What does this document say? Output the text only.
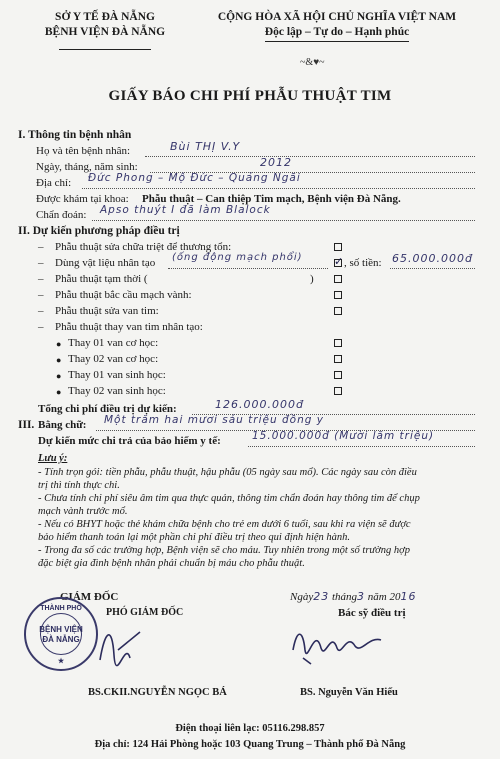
SỞ Y TẾ ĐÀ NẴNG
BỆNH VIỆN ĐÀ NẴNG
CỘNG HÒA XÃ HỘI CHỦ NGHĨA VIỆT NAM
Độc lập – Tự do – Hạnh phúc
~&♥~
GIẤY BÁO CHI PHÍ PHẪU THUẬT TIM
I. Thông tin bệnh nhân
Họ và tên bệnh nhân:	Bùi THỊ V.Y
Ngày, tháng, năm sinh:	2012
Địa chỉ: Đức Phong – Mộ Đức – Quảng Ngãi
Được khám tại khoa: Phẫu thuật – Can thiệp Tim mạch, Bệnh viện Đà Nẵng.
Chẩn đoán: Apso thuýt I đã làm Blalock
II. Dự kiến phương pháp điều trị
– Phẫu thuật sửa chữa triệt để thương tổn:
– Dùng vật liệu nhân tạo (ống động mạch phổi)
✓	, số tiền: 65.000.000đ
– Phẫu thuật tạm thời (	)
– Phẫu thuật bắc cầu mạch vành:
– Phẫu thuật sửa van tim:
– Phẫu thuật thay van tim nhân tạo:
● Thay 01 van cơ học:
● Thay 02 van cơ học:
● Thay 01 van sinh học:
● Thay 02 van sinh học:
Tổng chi phí điều trị dự kiến:	126.000.000đ
III. Bằng chữ: Một trăm hai mươi sáu triệu đồng y
Dự kiến mức chi trả của bảo hiểm y tế:	15.000.000đ (Mười lăm triệu)
Lưu ý:
- Tính trọn gói: tiền phẫu, phẫu thuật, hậu phẫu (05 ngày sau mổ). Các ngày sau còn điều
trị thì tính thực chi.
- Chưa tính chi phí siêu âm tim qua thực quản, thông tim chẩn đoán hay thông tim để chụp
mạch vành trước mổ.
- Nếu có BHYT hoặc thẻ khám chữa bệnh cho trẻ em dưới 6 tuổi, sau khi ra viện sẽ được
bảo hiểm thanh toán lại một phần chi phí điều trị theo qui định hiện hành.
- Trong đa số các trường hợp, Bệnh viện sẽ cho máu. Tuy nhiên trong một số trường hợp
đặc biệt gia đình bệnh nhân phải chuẩn bị máu cho phẫu thuật.
GIÁM ĐỐC	Ngày23 tháng3 năm 2016
Bác sỹ điều trị
THÀNH PHỐ
BỆNH VIỆN
ĐÀ NẴNG
★
PHÓ GIÁM ĐỐC
BS.CKII.NGUYỄN NGỌC BÁ	BS. Nguyễn Văn Hiếu
Điện thoại liên lạc: 05116.298.857
Địa chỉ: 124 Hải Phòng hoặc 103 Quang Trung – Thành phố Đà Nẵng
